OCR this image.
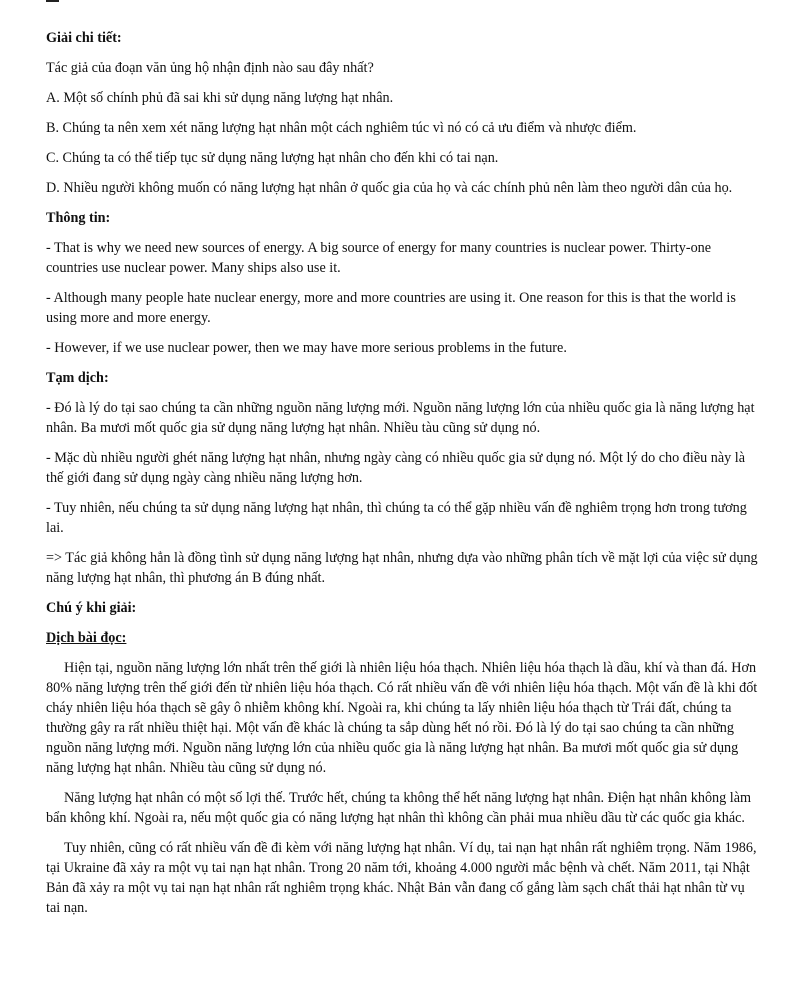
Giải chi tiết:

Tác giả của đoạn văn ủng hộ nhận định nào sau đây nhất?

A. Một số chính phủ đã sai khi sử dụng năng lượng hạt nhân.

B. Chúng ta nên xem xét năng lượng hạt nhân một cách nghiêm túc vì nó có cả ưu điểm và nhược điểm.

C. Chúng ta có thể tiếp tục sử dụng năng lượng hạt nhân cho đến khi có tai nạn.

D. Nhiều người không muốn có năng lượng hạt nhân ở quốc gia của họ và các chính phủ nên làm theo người dân của họ.

Thông tin:

- That is why we need new sources of energy. A big source of energy for many countries is nuclear power. Thirty-one countries use nuclear power. Many ships also use it.

- Although many people hate nuclear energy, more and more countries are using it. One reason for this is that the world is using more and more energy.

- However, if we use nuclear power, then we may have more serious problems in the future.

Tạm dịch:

- Đó là lý do tại sao chúng ta cần những nguồn năng lượng mới. Nguồn năng lượng lớn của nhiều quốc gia là năng lượng hạt nhân. Ba mươi mốt quốc gia sử dụng năng lượng hạt nhân. Nhiều tàu cũng sử dụng nó.

- Mặc dù nhiều người ghét năng lượng hạt nhân, nhưng ngày càng có nhiều quốc gia sử dụng nó. Một lý do cho điều này là thế giới đang sử dụng ngày càng nhiều năng lượng hơn.

- Tuy nhiên, nếu chúng ta sử dụng năng lượng hạt nhân, thì chúng ta có thể gặp nhiều vấn đề nghiêm trọng hơn trong tương lai.

=> Tác giả không hẳn là đồng tình sử dụng năng lượng hạt nhân, nhưng dựa vào những phân tích về mặt lợi của việc sử dụng năng lượng hạt nhân, thì phương án B đúng nhất.

Chú ý khi giải:

Dịch bài đọc:

Hiện tại, nguồn năng lượng lớn nhất trên thế giới là nhiên liệu hóa thạch. Nhiên liệu hóa thạch là dầu, khí và than đá. Hơn 80% năng lượng trên thế giới đến từ nhiên liệu hóa thạch. Có rất nhiều vấn đề với nhiên liệu hóa thạch. Một vấn đề là khi đốt cháy nhiên liệu hóa thạch sẽ gây ô nhiễm không khí. Ngoài ra, khi chúng ta lấy nhiên liệu hóa thạch từ Trái đất, chúng ta thường gây ra rất nhiều thiệt hại. Một vấn đề khác là chúng ta sắp dùng hết nó rồi. Đó là lý do tại sao chúng ta cần những nguồn năng lượng mới. Nguồn năng lượng lớn của nhiều quốc gia là năng lượng hạt nhân. Ba mươi mốt quốc gia sử dụng năng lượng hạt nhân. Nhiều tàu cũng sử dụng nó.

Năng lượng hạt nhân có một số lợi thế. Trước hết, chúng ta không thể hết năng lượng hạt nhân. Điện hạt nhân không làm bẩn không khí. Ngoài ra, nếu một quốc gia có năng lượng hạt nhân thì không cần phải mua nhiều dầu từ các quốc gia khác.

Tuy nhiên, cũng có rất nhiều vấn đề đi kèm với năng lượng hạt nhân. Ví dụ, tai nạn hạt nhân rất nghiêm trọng. Năm 1986, tại Ukraine đã xảy ra một vụ tai nạn hạt nhân. Trong 20 năm tới, khoảng 4.000 người mắc bệnh và chết. Năm 2011, tại Nhật Bản đã xảy ra một vụ tai nạn hạt nhân rất nghiêm trọng khác. Nhật Bản vẫn đang cố gắng làm sạch chất thải hạt nhân từ vụ tai nạn.
